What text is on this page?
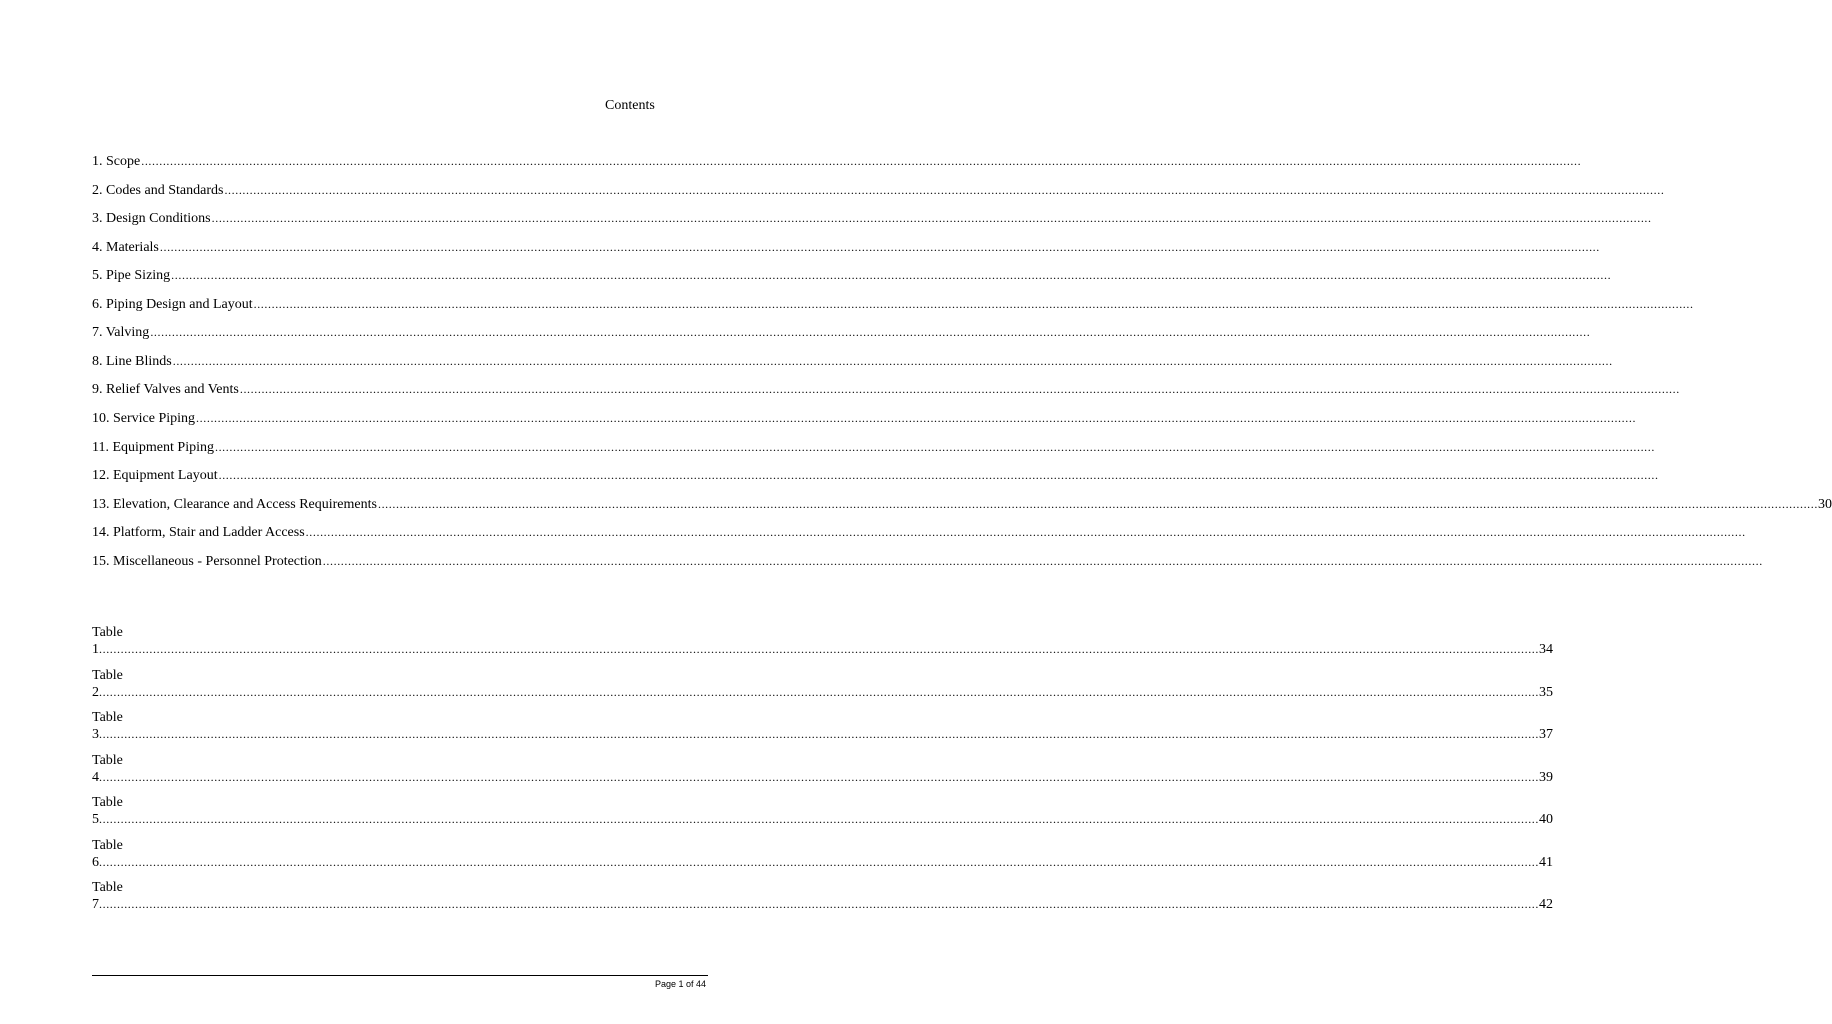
Contents
1. Scope ................................................................................................................................................................................................................................................................................................................................................................................................................
2. Codes and Standards ................................................................................................................................................................................................................................................................................................................................................................................................................
3. Design Conditions ................................................................................................................................................................................................................................................................................................................................................................................................................
4. Materials ................................................................................................................................................................................................................................................................................................................................................................................................................
5. Pipe Sizing ................................................................................................................................................................................................................................................................................................................................................................................................................
6. Piping Design and Layout ................................................................................................................................................................................................................................................................................................................................................................................................................
7. Valving ................................................................................................................................................................................................................................................................................................................................................................................................................
8. Line Blinds ................................................................................................................................................................................................................................................................................................................................................................................................................
9. Relief Valves and Vents ................................................................................................................................................................................................................................................................................................................................................................................................................
10. Service Piping ................................................................................................................................................................................................................................................................................................................................................................................................................
11. Equipment Piping ................................................................................................................................................................................................................................................................................................................................................................................................................
12. Equipment Layout ................................................................................................................................................................................................................................................................................................................................................................................................................
13. Elevation, Clearance and Access Requirements ................................................................................................................................................................................................................................................................................................................................................................................................................ 30
14. Platform, Stair and Ladder Access ................................................................................................................................................................................................................................................................................................................................................................................................................
15. Miscellaneous - Personnel Protection ................................................................................................................................................................................................................................................................................................................................................................................................................
Table
1 ................................................................................................................................................................................................................................................................................................................................................................................................................ 34
Table
2 ................................................................................................................................................................................................................................................................................................................................................................................................................ 35
Table
3 ................................................................................................................................................................................................................................................................................................................................................................................................................ 37
Table
4 ................................................................................................................................................................................................................................................................................................................................................................................................................ 39
Table
5 ................................................................................................................................................................................................................................................................................................................................................................................................................ 40
Table
6 ................................................................................................................................................................................................................................................................................................................................................................................................................ 41
Table
7 ................................................................................................................................................................................................................................................................................................................................................................................................................ 42
Page 1 of 44
